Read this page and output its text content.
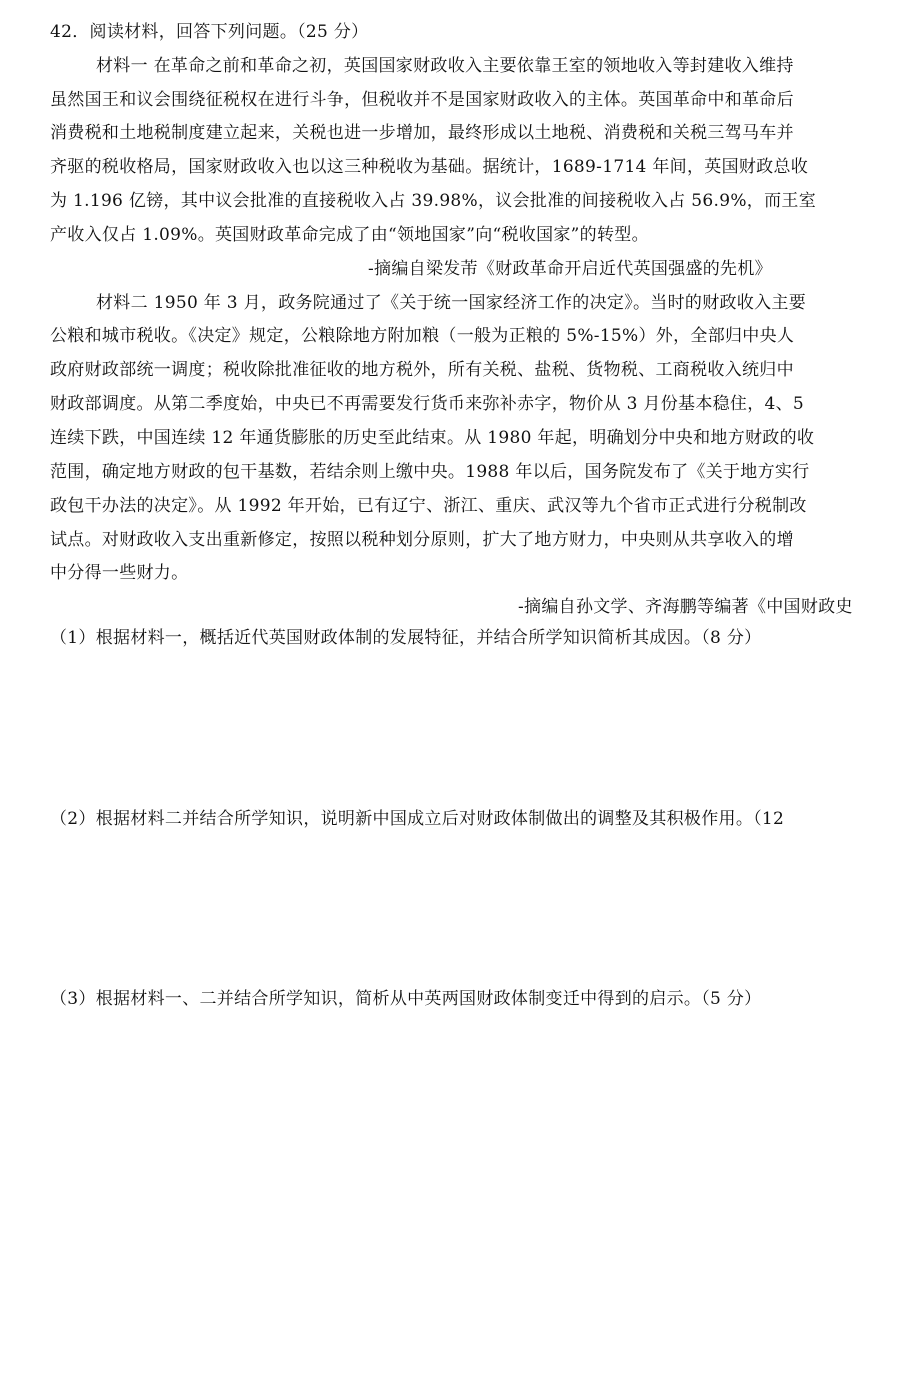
42．阅读材料，回答下列问题。（25 分）
材料一 在革命之前和革命之初，英国国家财政收入主要依靠王室的领地收入等封建收入维持
虽然国王和议会围绕征税权在进行斗争，但税收并不是国家财政收入的主体。英国革命中和革命后
消费税和土地税制度建立起来，关税也进一步增加，最终形成以土地税、消费税和关税三驾马车并
齐驱的税收格局，国家财政收入也以这三种税收为基础。据统计，1689-1714 年间，英国财政总收
为 1.196 亿镑，其中议会批准的直接税收入占 39.98%，议会批准的间接税收入占 56.9%，而王室
产收入仅占 1.09%。英国财政革命完成了由“领地国家”向“税收国家”的转型。
-摘编自梁发芾《财政革命开启近代英国强盛的先机》
材料二 1950 年 3 月，政务院通过了《关于统一国家经济工作的决定》。当时的财政收入主要
公粮和城市税收。《决定》规定，公粮除地方附加粮（一般为正粮的 5%-15%）外，全部归中央人
政府财政部统一调度；税收除批准征收的地方税外，所有关税、盐税、货物税、工商税收入统归中
财政部调度。从第二季度始，中央已不再需要发行货币来弥补赤字，物价从 3 月份基本稳住，4、5
连续下跌，中国连续 12 年通货膨胀的历史至此结束。从 1980 年起，明确划分中央和地方财政的收
范围，确定地方财政的包干基数，若结余则上缴中央。1988 年以后，国务院发布了《关于地方实行
政包干办法的决定》。从 1992 年开始，已有辽宁、浙江、重庆、武汉等九个省市正式进行分税制改
试点。对财政收入支出重新修定，按照以税种划分原则，扩大了地方财力，中央则从共享收入的增
中分得一些财力。
-摘编自孙文学、齐海鹏等编著《中国财政史
（1）根据材料一，概括近代英国财政体制的发展特征，并结合所学知识简析其成因。（8 分）
（2）根据材料二并结合所学知识，说明新中国成立后对财政体制做出的调整及其积极作用。（12
（3）根据材料一、二并结合所学知识，简析从中英两国财政体制变迁中得到的启示。（5 分）
